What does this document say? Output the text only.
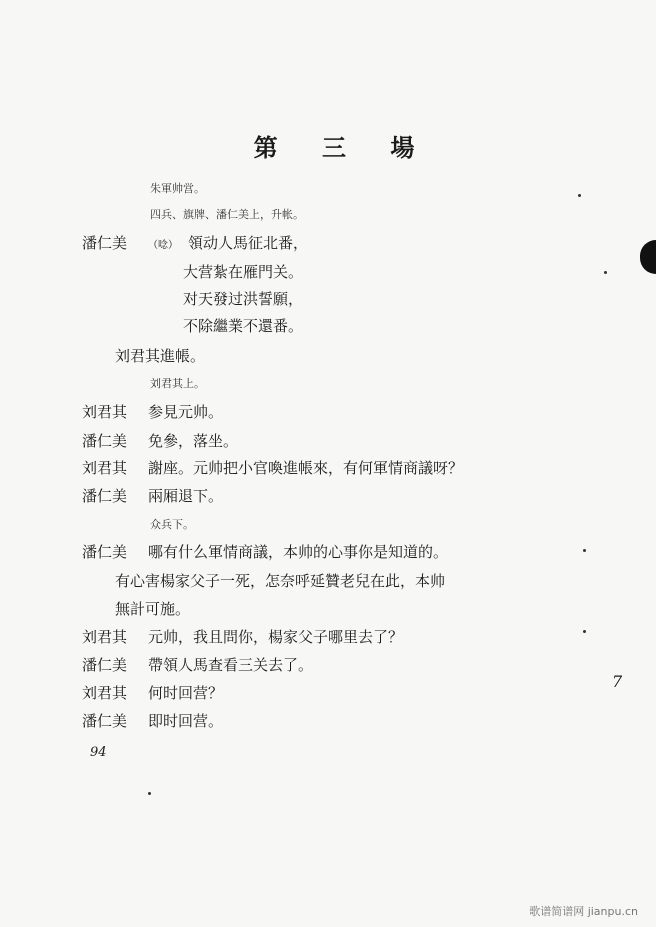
第 三 場
朱軍帅営。
四兵、旗牌、潘仁美上，升帐。
潘仁美 （唸） 領动人馬征北番，
大营紮在雁門关。
对天發过洪誓願，
不除繼業不還番。
刘君其進帳。
刘君其上。
刘君其 参見元帅。
潘仁美 免參，落坐。
刘君其 謝座。元帅把小官喚進帳來，有何軍情商議呀？
潘仁美 兩厢退下。
众兵下。
潘仁美 哪有什么軍情商議，本帅的心事你是知道的。
有心害楊家父子一死，怎奈呼延贊老兒在此，本帅
無計可施。
刘君其 元帅，我且問你，楊家父子哪里去了？
潘仁美 帶領人馬查看三关去了。
刘君其 何时回营？
潘仁美 即时回营。
94
7
歌谱简谱网 jianpu.cn
